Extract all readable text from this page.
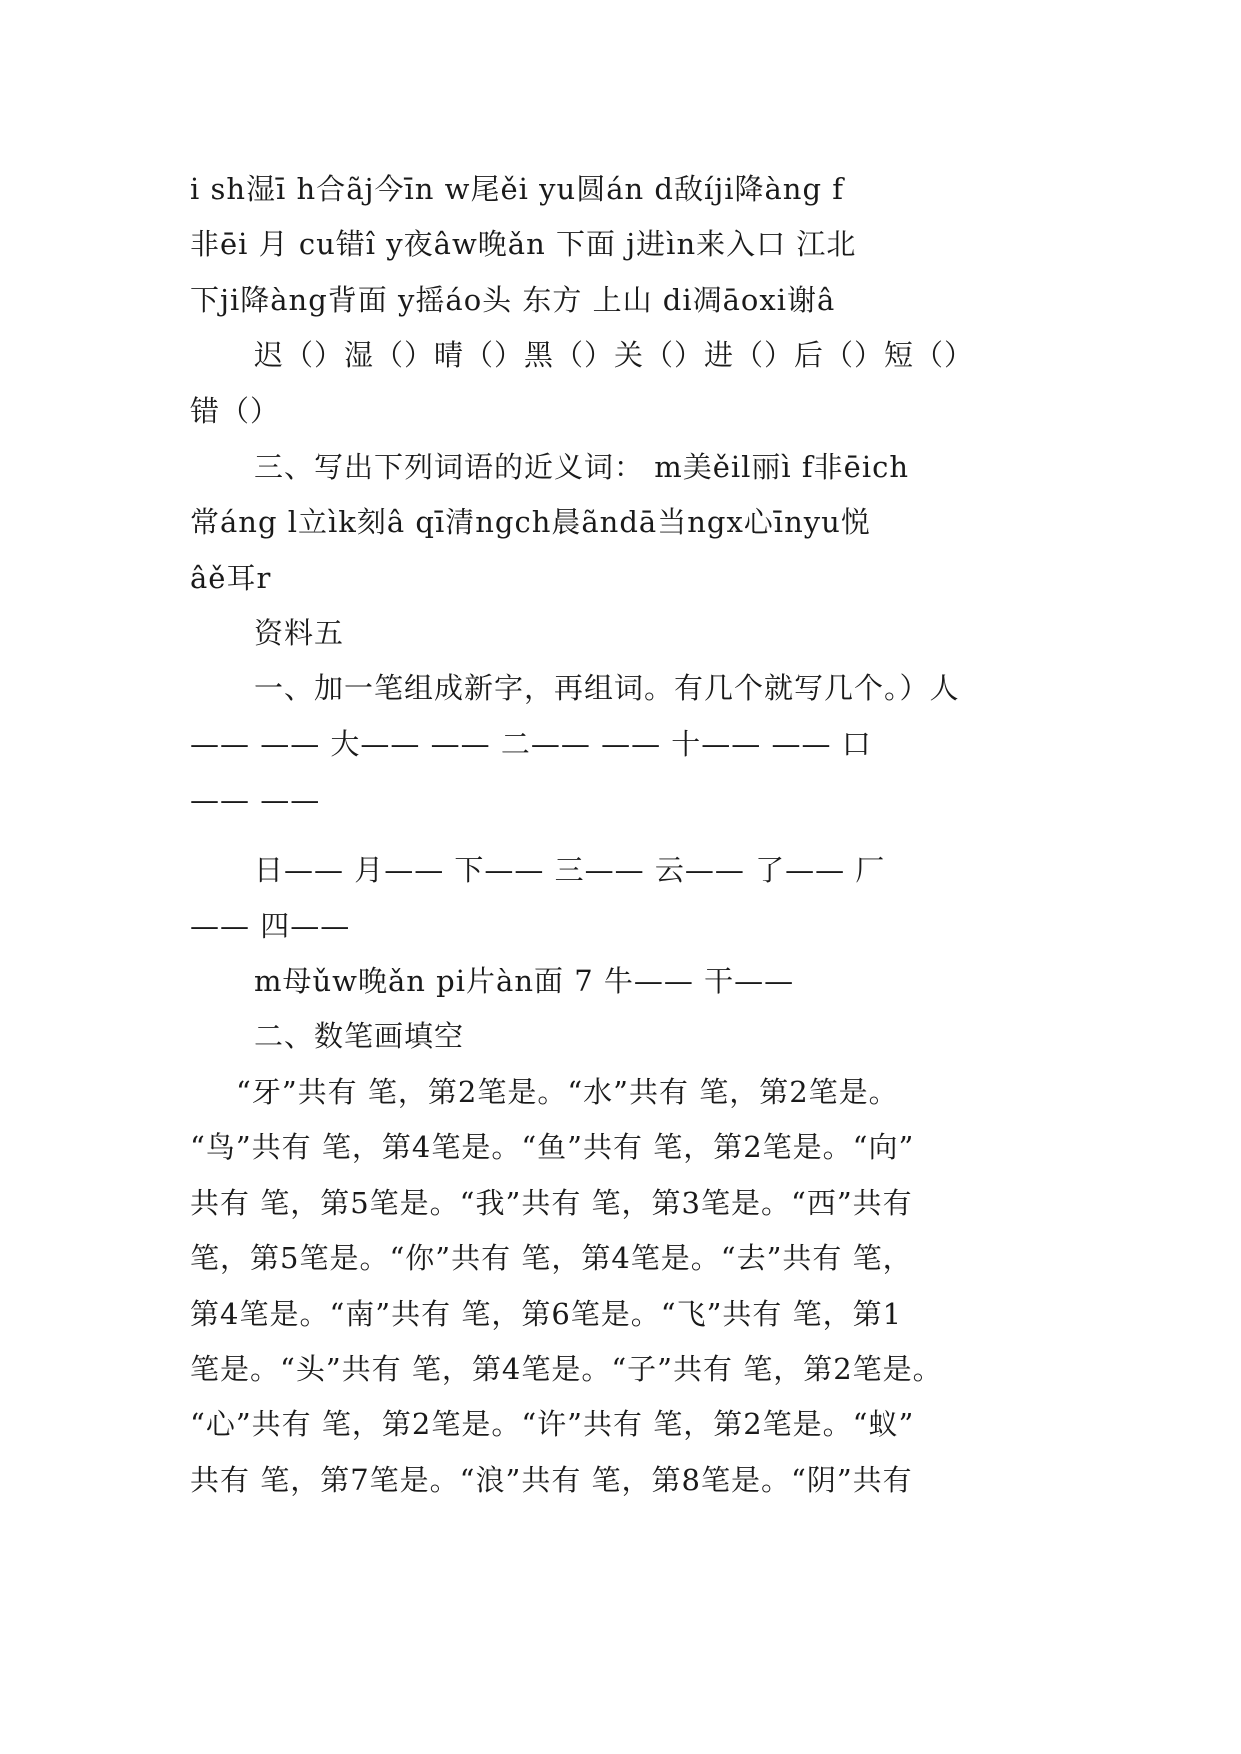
i sh湿ī h合ãj今īn w尾ěi yu圆án d敌íji降àng f
非ēi 月 cu错î y夜âw晚ǎn 下面 j进ìn来入口 江北
下ji降àng背面 y摇áo头 东方 上山 di凋āoxi谢â
迟（）湿（）晴（）黑（）关（）进（）后（）短（）
错（）
三、写出下列词语的近义词： m美ěil丽ì f非ēich
常áng l立ìk刻â qī清ngch晨ãndā当ngx心īnyu悦
âě耳r
资料五
一、加一笔组成新字，再组词。有几个就写几个。）人
—— —— 大—— —— 二—— —— 十—— —— 口
—— ——
日—— 月—— 下—— 三—— 云—— 了—— 厂
—— 四——
m母ǔw晚ǎn pi片àn面 7 牛—— 干——
二、数笔画填空
“牙”共有 笔，第2笔是。“水”共有 笔，第2笔是。
“鸟”共有 笔，第4笔是。“鱼”共有 笔，第2笔是。“向”
共有 笔，第5笔是。“我”共有 笔，第3笔是。“西”共有
笔，第5笔是。“你”共有 笔，第4笔是。“去”共有 笔，
第4笔是。“南”共有 笔，第6笔是。“飞”共有 笔，第1
笔是。“头”共有 笔，第4笔是。“子”共有 笔，第2笔是。
“心”共有 笔，第2笔是。“许”共有 笔，第2笔是。“蚁”
共有 笔，第7笔是。“浪”共有 笔，第8笔是。“阴”共有
